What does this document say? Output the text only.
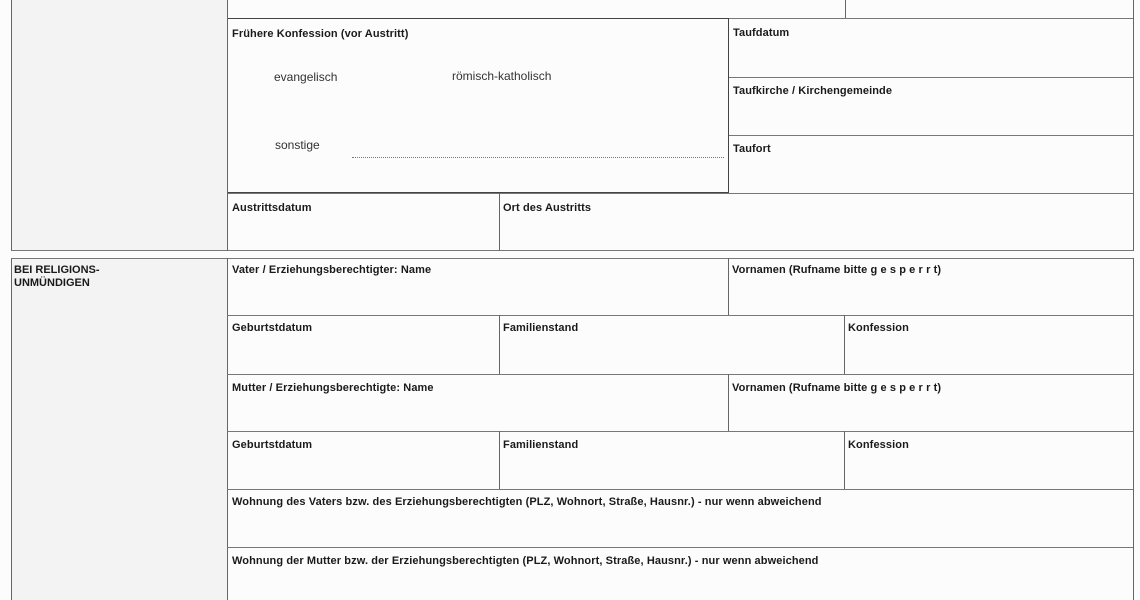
Frühere Konfession (vor Austritt)
evangelisch	römisch-katholisch
sonstige
Taufdatum
Taufkirche / Kirchengemeinde
Taufort
Austrittsdatum	Ort des Austritts
BEI RELIGIONS-
UNMÜNDIGEN
Vater / Erziehungsberechtigter: Name	Vornamen (Rufname bitte g e s p e r r t)
Geburtstdatum	Familienstand	Konfession
Mutter / Erziehungsberechtigte: Name	Vornamen (Rufname bitte g e s p e r r t)
Geburtstdatum	Familienstand	Konfession
Wohnung des Vaters bzw. des Erziehungsberechtigten (PLZ, Wohnort, Straße, Hausnr.) - nur wenn abweichend
Wohnung der Mutter bzw. der Erziehungsberechtigten (PLZ, Wohnort, Straße, Hausnr.) - nur wenn abweichend
